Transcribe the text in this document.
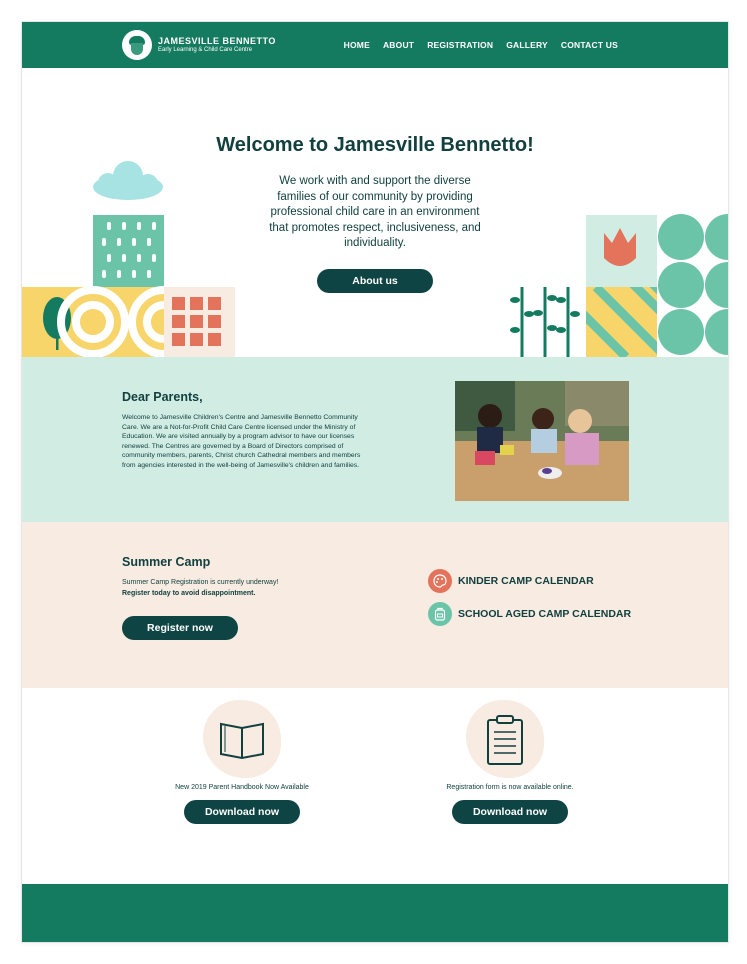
JAMESVILLE BENNETTO
Early Learning & Child Care Centre	HOME ABOUT REGISTRATION GALLERY CONTACT US
Welcome to Jamesville Bennetto!

We work with and support the diverse families of our community by providing professional child care in an environment that promotes respect, inclusiveness, and individuality.

About us
Dear Parents,

Welcome to Jamesville Children's Centre and Jamesville Bennetto Community Care. We are a Not-for-Profit Child Care Centre licensed under the Ministry of Education. We are visited annually by a program advisor to have our licenses renewed. The Centres are governed by a Board of Directors comprised of community members, parents, Christ church Cathedral members and members from agencies interested in the well-being of Jamesville's children and families.

Summer Camp
Summer Camp Registration is currently underway!
Register today to avoid disappointment.
Register now
KINDER CAMP CALENDAR
SCHOOL AGED CAMP CALENDAR
New 2019 Parent Handbook Now Available
Download now
Registration form is now available online.
Download now
